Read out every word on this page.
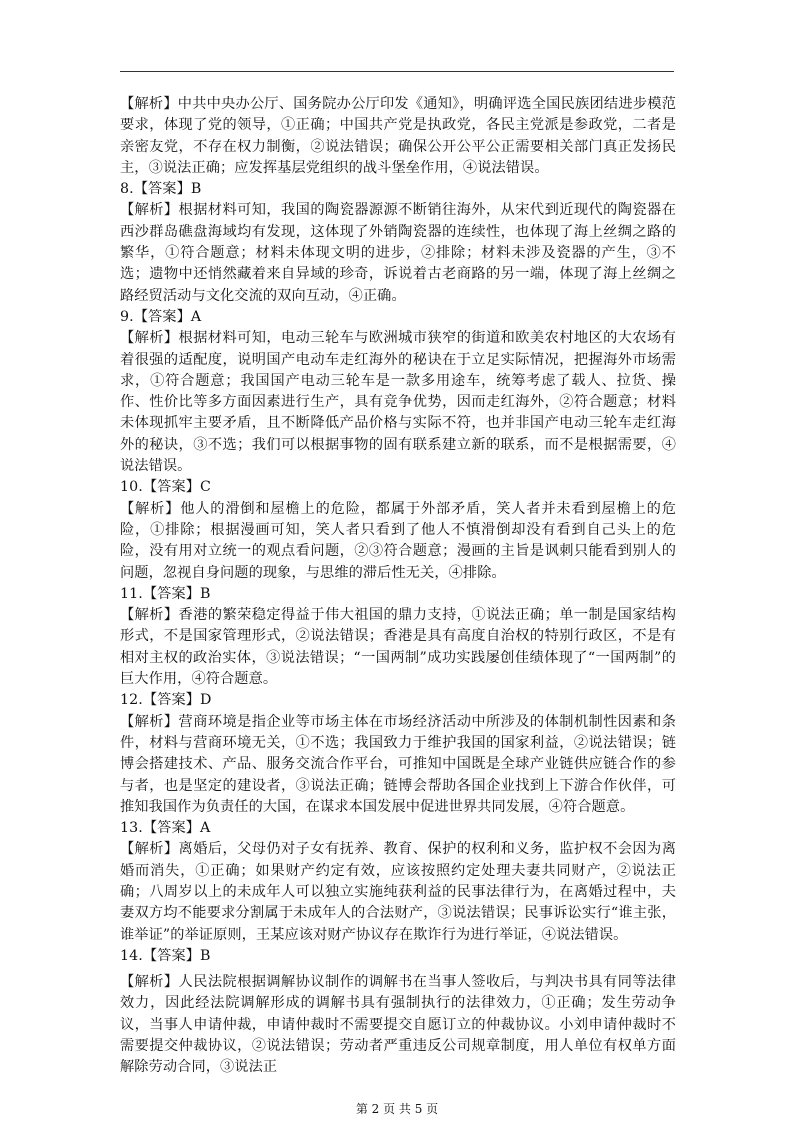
【解析】中共中央办公厅、国务院办公厅印发《通知》，明确评选全国民族团结进步模范要求，体现了党的领导，①正确；中国共产党是执政党，各民主党派是参政党，二者是亲密友党，不存在权力制衡，②说法错误；确保公开公平公正需要相关部门真正发扬民主，③说法正确；应发挥基层党组织的战斗堡垒作用，④说法错误。

8.【答案】B

【解析】根据材料可知，我国的陶瓷器源源不断销往海外，从宋代到近现代的陶瓷器在西沙群岛礁盘海域均有发现，这体现了外销陶瓷器的连续性，也体现了海上丝绸之路的繁华，①符合题意；材料未体现文明的进步，②排除；材料未涉及瓷器的产生，③不选；遗物中还悄然藏着来自异域的珍奇，诉说着古老商路的另一端，体现了海上丝绸之路经贸活动与文化交流的双向互动，④正确。

9.【答案】A

【解析】根据材料可知，电动三轮车与欧洲城市狭窄的街道和欧美农村地区的大农场有着很强的适配度，说明国产电动车走红海外的秘诀在于立足实际情况，把握海外市场需求，①符合题意；我国国产电动三轮车是一款多用途车，统筹考虑了载人、拉货、操作、性价比等多方面因素进行生产，具有竞争优势，因而走红海外，②符合题意；材料未体现抓牢主要矛盾，且不断降低产品价格与实际不符，也并非国产电动三轮车走红海外的秘诀，③不选；我们可以根据事物的固有联系建立新的联系，而不是根据需要，④说法错误。

10.【答案】C

【解析】他人的滑倒和屋檐上的危险，都属于外部矛盾，笑人者并未看到屋檐上的危险，①排除；根据漫画可知，笑人者只看到了他人不慎滑倒却没有看到自己头上的危险，没有用对立统一的观点看问题，②③符合题意；漫画的主旨是讽刺只能看到别人的问题，忽视自身问题的现象，与思维的滞后性无关，④排除。

11.【答案】B

【解析】香港的繁荣稳定得益于伟大祖国的鼎力支持，①说法正确；单一制是国家结构形式，不是国家管理形式，②说法错误；香港是具有高度自治权的特别行政区，不是有相对主权的政治实体，③说法错误；“一国两制”成功实践屡创佳绩体现了“一国两制”的巨大作用，④符合题意。

12.【答案】D

【解析】营商环境是指企业等市场主体在市场经济活动中所涉及的体制机制性因素和条件，材料与营商环境无关，①不选；我国致力于维护我国的国家利益，②说法错误；链博会搭建技术、产品、服务交流合作平台，可推知中国既是全球产业链供应链合作的参与者，也是坚定的建设者，③说法正确；链博会帮助各国企业找到上下游合作伙伴，可推知我国作为负责任的大国，在谋求本国发展中促进世界共同发展，④符合题意。

13.【答案】A

【解析】离婚后，父母仍对子女有抚养、教育、保护的权利和义务，监护权不会因为离婚而消失，①正确；如果财产约定有效，应该按照约定处理夫妻共同财产，②说法正确；八周岁以上的未成年人可以独立实施纯获利益的民事法律行为，在离婚过程中，夫妻双方均不能要求分割属于未成年人的合法财产，③说法错误；民事诉讼实行“谁主张，谁举证”的举证原则，王某应该对财产协议存在欺诈行为进行举证，④说法错误。

14.【答案】B

【解析】人民法院根据调解协议制作的调解书在当事人签收后，与判决书具有同等法律效力，因此经法院调解形成的调解书具有强制执行的法律效力，①正确；发生劳动争议，当事人申请仲裁，申请仲裁时不需要提交自愿订立的仲裁协议。小刘申请仲裁时不需要提交仲裁协议，②说法错误；劳动者严重违反公司规章制度，用人单位有权单方面解除劳动合同，③说法正

第 2 页 共 5 页
